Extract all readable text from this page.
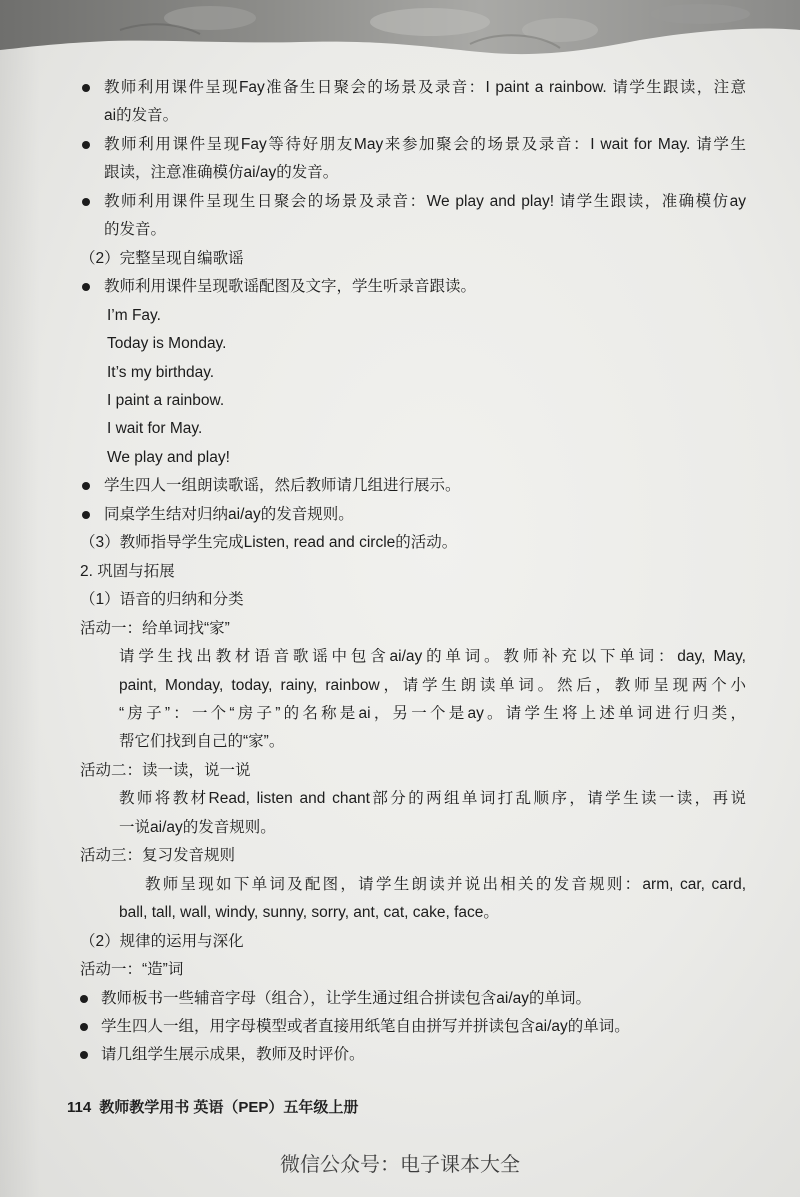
教师利用课件呈现Fay准备生日聚会的场景及录音：I paint a rainbow. 请学生跟读，注意
ai的发音。
教师利用课件呈现Fay等待好朋友May来参加聚会的场景及录音：I wait for May. 请学生
跟读，注意准确模仿ai/ay的发音。
教师利用课件呈现生日聚会的场景及录音：We play and play! 请学生跟读，准确模仿ay
的发音。
（2）完整呈现自编歌谣
教师利用课件呈现歌谣配图及文字，学生听录音跟读。
I’m Fay.
Today is Monday.
It’s my birthday.
I paint a rainbow.
I wait for May.
We play and play!
学生四人一组朗读歌谣，然后教师请几组进行展示。
同桌学生结对归纳ai/ay的发音规则。
（3）教师指导学生完成Listen, read and circle的活动。
2. 巩固与拓展
（1）语音的归纳和分类
活动一：给单词找“家”
请学生找出教材语音歌谣中包含ai/ay的单词。教师补充以下单词：day, May,
paint, Monday, today, rainy, rainbow，请学生朗读单词。然后，教师呈现两个小
“房子”：一个“房子”的名称是ai，另一个是ay。请学生将上述单词进行归类，
帮它们找到自己的“家”。
活动二：读一读，说一说
教师将教材Read, listen and chant部分的两组单词打乱顺序，请学生读一读，再说
一说ai/ay的发音规则。
活动三：复习发音规则
教师呈现如下单词及配图，请学生朗读并说出相关的发音规则：arm, car, card,
ball, tall, wall, windy, sunny, sorry, ant, cat, cake, face。
（2）规律的运用与深化
活动一：“造”词
教师板书一些辅音字母（组合），让学生通过组合拼读包含ai/ay的单词。
学生四人一组，用字母模型或者直接用纸笔自由拼写并拼读包含ai/ay的单词。
请几组学生展示成果，教师及时评价。
114 教师教学用书 英语（PEP）五年级上册
微信公众号：电子课本大全
